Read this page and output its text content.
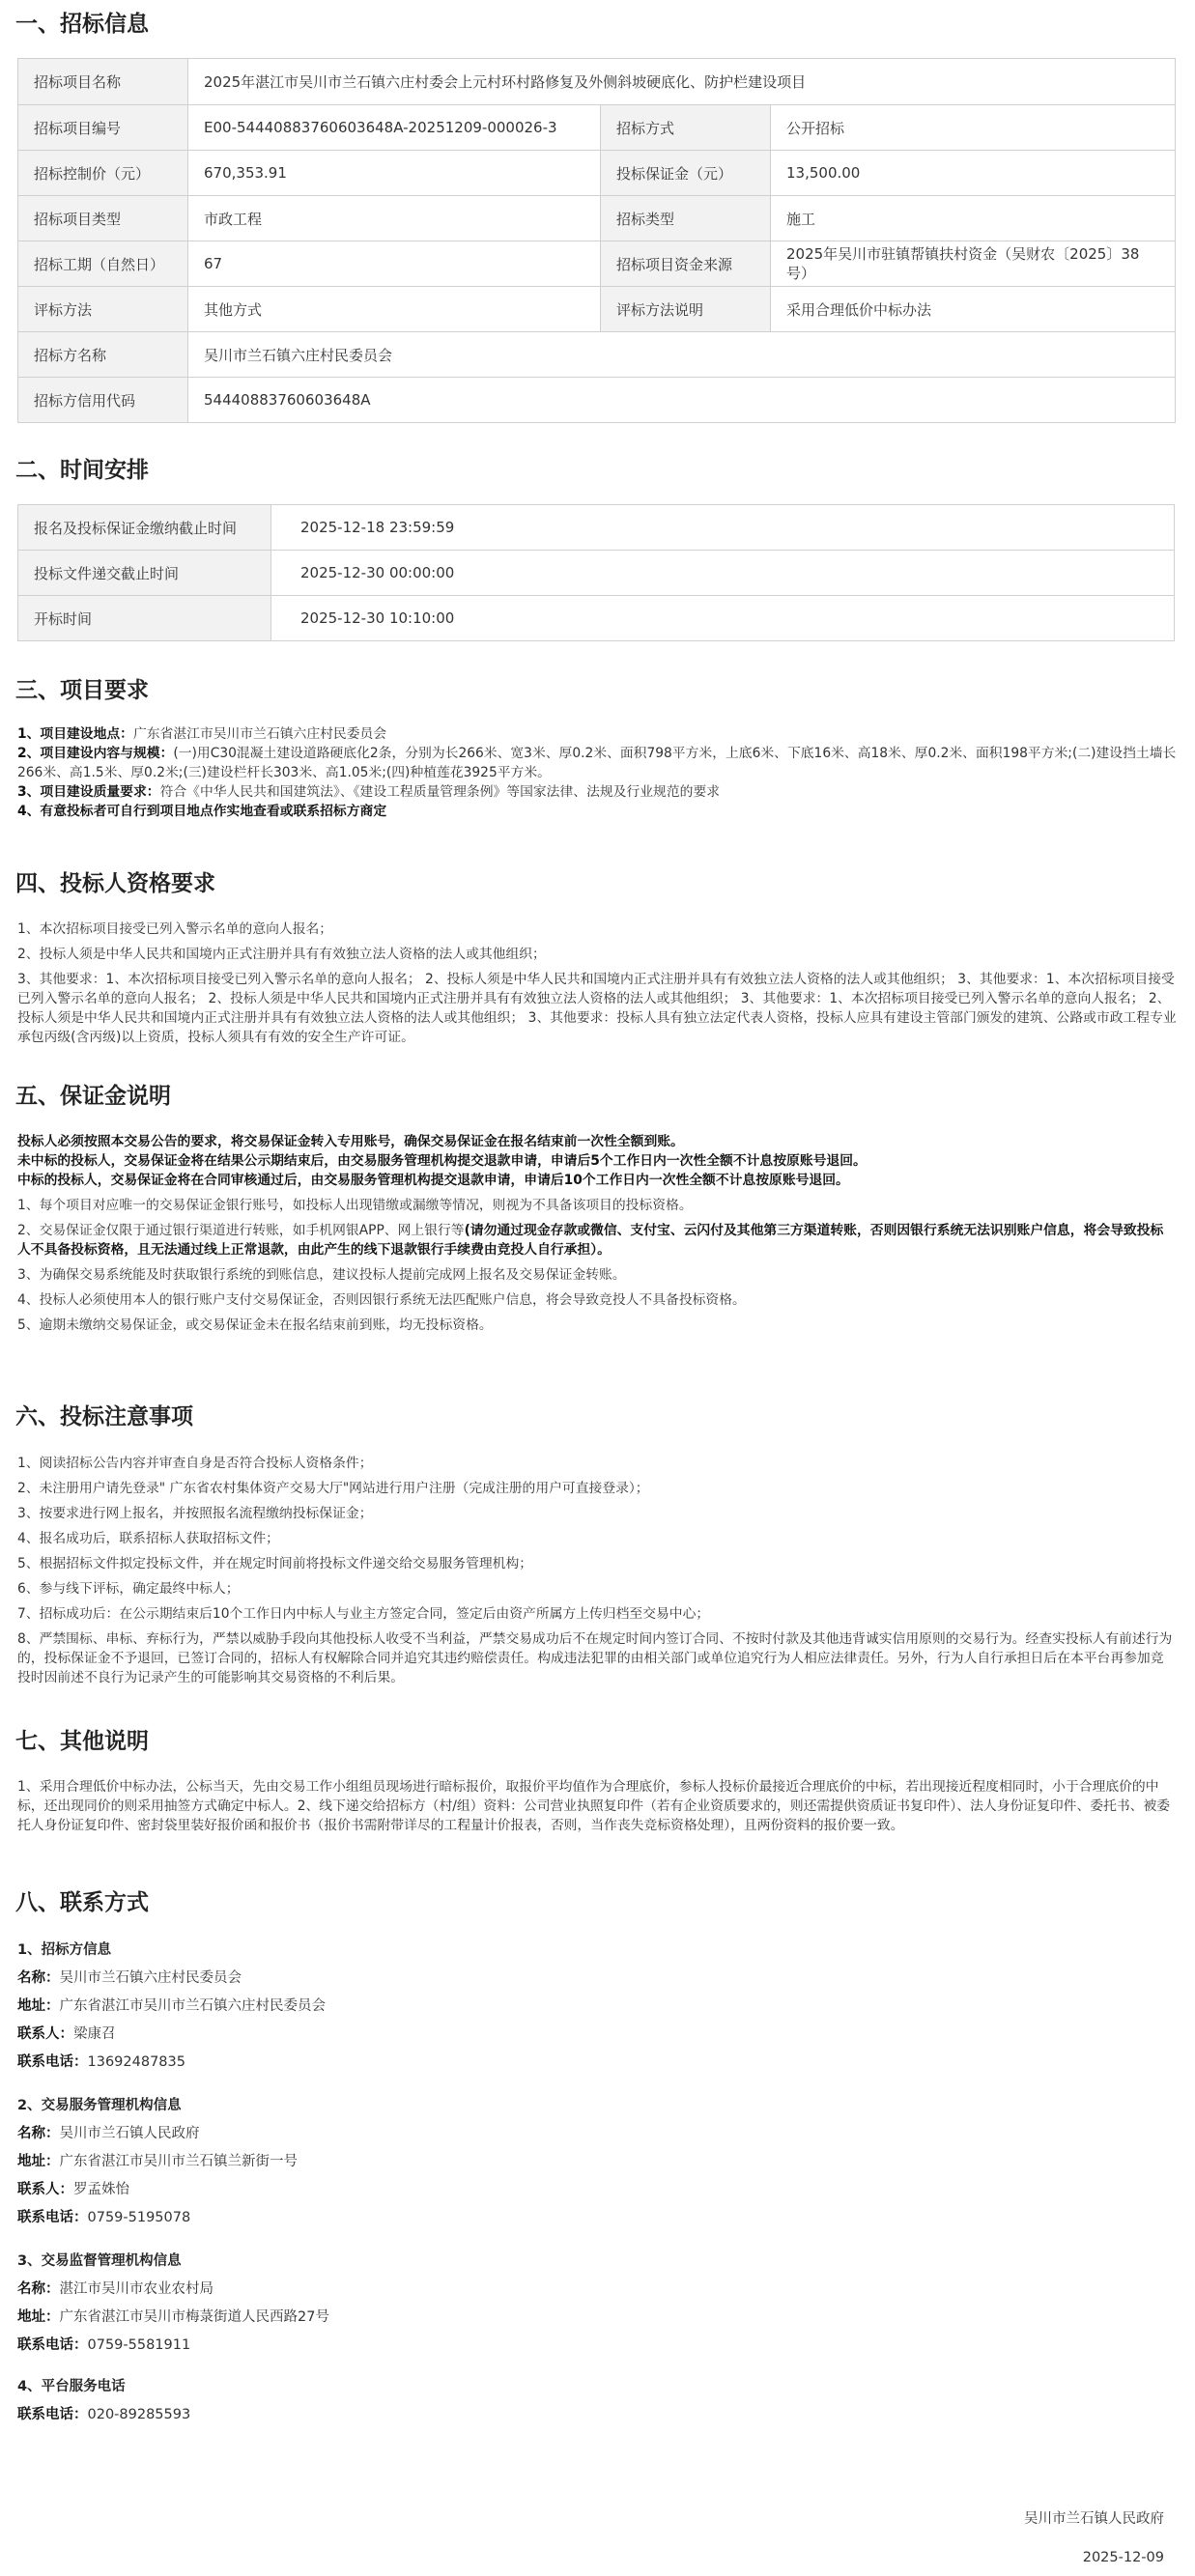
一、招标信息
招标项目名称	2025年湛江市吴川市兰石镇六庄村委会上元村环村路修复及外侧斜坡硬底化、防护栏建设项目		
招标项目编号	E00-544408837606036​48A-20251209-000026-3	招标方式	公开招标
招标控制价（元）	670,353.91	投标保证金（元）	13,500.00
招标项目类型	市政工程	招标类型	施工
招标工期（自然日）	67	招标项目资金来源	2025年吴川市驻镇帮镇扶村资金（吴财农〔2025〕38号）
评标方法	其他方式	评标方法说明	采用合理低价中标办法
招标方名称	吴川市兰石镇六庄村民委员会		
招标方信用代码	54440883760603648A		
二、时间安排
报名及投标保证金缴纳截止时间	2025-12-18 23:59:59
投标文件递交截止时间	2025-12-30 00:00:00
开标时间	2025-12-30 10:10:00
三、项目要求

1、项目建设地点：广东省湛江市吴川市兰石镇六庄村民委员会

2、项目建设内容与规模：(一)用C30混凝土建设道路硬底化2条，分别为长266米、宽3米、厚0.2米、面积798平方米，上底6米、下底16米、高18米、厚0.2米、面积198平方米;(二)建设挡土墙长266米、高1.5米、厚0.2米;(三)建设栏杆长303米、高1.05米;(四)种植莲花3925平方米。

3、项目建设质量要求：符合《中华人民共和国建筑法》、《建设工程质量管理条例》等国家法律、法规及行业规范的要求

4、有意投标者可自行到项目地点作实地查看或联系招标方商定

四、投标人资格要求

1、本次招标项目接受已列入警示名单的意向人报名；

2、投标人须是中华人民共和国境内正式注册并具有有效独立法人资格的法人或其他组织；

3、其他要求：1、本次招标项目接受已列入警示名单的意向人报名； 2、投标人须是中华人民共和国境内正式注册并具有有效独立法人资格的法人或其他组织； 3、其他要求：1、本次招标项目接受已列入警示名单的意向人报名； 2、投标人须是中华人民共和国境内正式注册并具有有效独立法人资格的法人或其他组织； 3、其他要求：1、本次招标项目接受已列入警示名单的意向人报名； 2、投标人须是中华人民共和国境内正式注册并具有有效独立法人资格的法人或其他组织； 3、其他要求：投标人具有独立法定代表人资格，投标人应具有建设主管部门颁发的建筑、公路或市政工程专业承包丙级(含丙级)以上资质，投标人须具有有效的安全生产许可证。

五、保证金说明

投标人必须按照本交易公告的要求，将交易保证金转入专用账号，确保交易保证金在报名结束前一次性全额到账。

未中标的投标人，交易保证金将在结果公示期结束后，由交易服务管理机构提交退款申请，申请后5个工作日内一次性全额不计息按原账号退回。

中标的投标人，交易保证金将在合同审核通过后，由交易服务管理机构提交退款申请，申请后10个工作日内一次性全额不计息按原账号退回。

1、每个项目对应唯一的交易保证金银行账号，如投标人出现错缴或漏缴等情况，则视为不具备该项目的投标资格。

2、交易保证金仅限于通过银行渠道进行转账，如手机网银APP、网上银行等(请勿通过现金存款或微信、支付宝、云闪付及其他第三方渠道转账，否则因银行系统无法识别账户信息，将会导致投标人不具备投标资格，且无法通过线上正常退款，由此产生的线下退款银行手续费由竞投人自行承担）。

3、为确保交易系统能及时获取银行系统的到账信息，建议投标人提前完成网上报名及交易保证金转账。

4、投标人必须使用本人的银行账户支付交易保证金，否则因银行系统无法匹配账户信息，将会导致竞投人不具备投标资格。

5、逾期未缴纳交易保证金，或交易保证金未在报名结束前到账，均无投标资格。

六、投标注意事项

1、阅读招标公告内容并审查自身是否符合投标人资格条件；

2、未注册用户请先登录" 广东省农村集体资产交易大厅"网站进行用户注册（完成注册的用户可直接登录）；

3、按要求进行网上报名，并按照报名流程缴纳投标保证金；

4、报名成功后，联系招标人获取招标文件；

5、根据招标文件拟定投标文件，并在规定时间前将投标文件递交给交易服务管理机构；

6、参与线下评标，确定最终中标人；

7、招标成功后：在公示期结束后10个工作日内中标人与业主方签定合同，签定后由资产所属方上传归档至交易中心；

8、严禁围标、串标、弃标行为，严禁以威胁手段向其他投标人收受不当利益，严禁交易成功后不在规定时间内签订合同、不按时付款及其他违背诚实信用原则的交易行为。经查实投标人有前述行为的，投标保证金不予退回，已签订合同的，招标人有权解除合同并追究其违约赔偿责任。构成违法犯罪的由相关部门或单位追究行为人相应法律责任。另外，行为人自行承担日后在本平台再参加竞投时因前述不良行为记录产生的可能影响其交易资格的不利后果。

七、其他说明

1、采用合理低价中标办法，公标当天，先由交易工作小组组员现场进行暗标报价，取报价平均值作为合理底价，参标人投标价最接近合理底价的中标，若出现接近程度相同时，小于合理底价的中标，还出现同价的则采用抽签方式确定中标人。2、线下递交给招标方（村/组）资料：公司营业执照复印件（若有企业资质要求的，则还需提供资质证书复印件）、法人身份证复印件、委托书、被委托人身份证复印件、密封袋里装好报价函和报价书（报价书需附带详尽的工程量计价报表，否则，当作丧失竞标资格处理），且两份资料的报价要一致。

八、联系方式
1、招标方信息
名称：吴川市兰石镇六庄村民委员会
地址：广东省湛江市吴川市兰石镇六庄村民委员会
联系人：梁康召
联系电话：13692487835
2、交易服务管理机构信息
名称：吴川市兰石镇人民政府
地址：广东省湛江市吴川市兰石镇兰新街一号
联系人：罗孟姝怡
联系电话：0759-5195078
3、交易监督管理机构信息
名称：湛江市吴川市农业农村局
地址：广东省湛江市吴川市梅菉街道人民西路27号
联系电话：0759-5581911
4、平台服务电话
联系电话：020-89285593
吴川市兰石镇人民政府
2025-12-09
